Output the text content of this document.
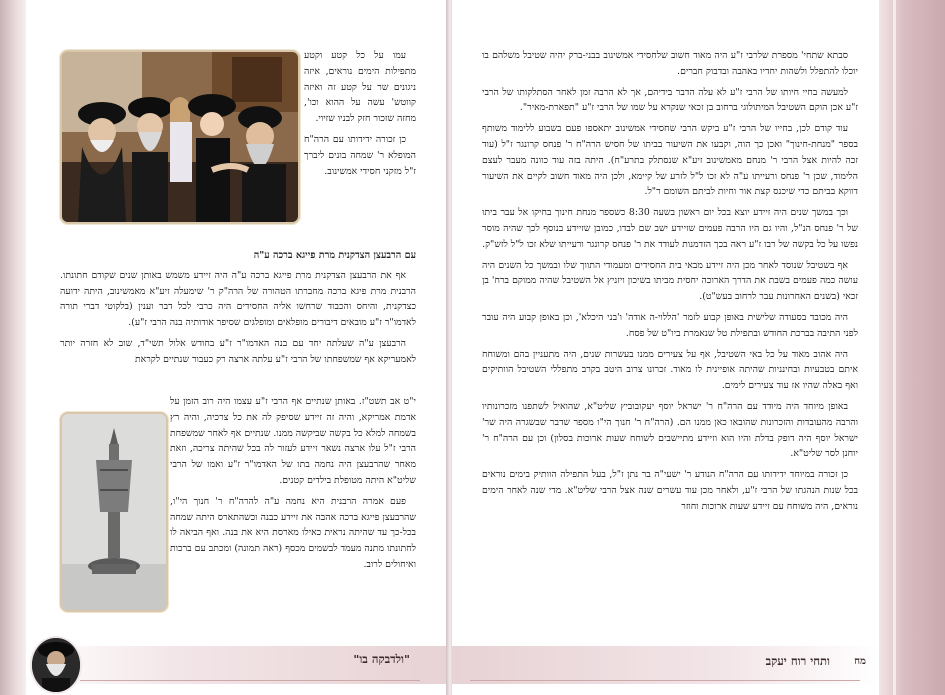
עמו על כל קטע וקטע מתפילות הימים נוראים, איזה ניגונים שר על קטע זה ואיזה קווטש' עשה על ההוא וכו', מחזה שזכור חזק לבניו שזיוי.

כן זכורה ידידותו עם הרה"ח המופלא ר' שמחה בונים ליברך ז"ל מזקני חסידי אמשינוב.

עם הרבעצן הצדקנית מרת פייגא ברכה ע"ה

אף את הרבעצן הצדקנית מרת פייגא ברכה ע"ה היה זיידע משמש באותן שנים שקודם חתונתו. הרבנית מרת פיגא ברכה מחברתו הטהורה של הרה"ק ר' שימעלה זיע"א מאמשינוב, היתה ידועה כצדקנית, והיחס והכבוד שרחשו אליה החסידים היה כרבי לכל דבר וענין (בלקוטי דברי תורה לאדמו"ר ז"ע מובאים דיבורים מופלאים ומופלגים שסיפר אודותיה בנה הרבי ז"ע).

הרבעצן ע"ה שעלתה יחד עם בנה האדמו"ר ז"ע בחודש אלול תשי"ד, שוב לא חזרה יותר לאמעריקא אף שמשפחתו של הרבי ז"ע עלתה ארצה רק כעבור שנתיים לקראת

י"ט אב תשט"ז. באותן שנתיים אף הרבי ז"ע עצמו היה רוב הזמן על אדמת אמריקא, והיה זה זיידע שסיפק לה את כל צרכיה, והיה רץ בשמחה למלא כל בקשה שביקשה ממנו. שנתיים אף לאחר שמשפחת הרבי ז"ל עלו ארצה נשאר זיידע לעזור לה בכל שהיתה צריכה, וזאת מאחר שהרבעצן היה נחמה בתו של האדמו"ר ז"ע ואמו של הרבי שליט"א היתה מטופלת בילדים קטנים.

פעם אמרה הרבנית היא נחמה ע"ה להרה"ח ר' חנוך הי"ו, שהרבעצן פייגא ברכה אהבה את זיידע כבנה וכשהתארס היתה שמחה בכל-כך עד שהיתה נראית כאילו מארסת היא את בנה. ואף הביאה לו לחתונתו מתנה מעמד לבשמים מכסף (ראה תמונה) ומכתב עם ברכות ואיחולים לרוב.

"ולדבקה בו"

סבתא שתחי' מספרת שלרבי ז"ע היה מאוד חשוב שלחסידי אמשינוב בבני-ברק יהיה שטיבל משלהם בו יוכלו להתפלל ולשהות יחדיו באהבה ובדבוק חברים.

למעשה בחיי חיותו של הרבי ז"ע לא עלה הדבר בידיהם, אך לא הרבה זמן לאחר הסתלקותו של הרבי ז"ע אכן הוקם השטיבל המיתולוגי ברחוב בן זכאי שנקרא על שמו של הרבי ז"ע "תפארת-מאיר".

עוד קודם לכן, בחייו של הרבי ז"ע ביקש הרבי שחסידי אמשינוב יתאספו פעם בשבוע ללימוד משותף בספר "מנחת-חינוך" ואכן כך הוה, וקבעו את השיעור בביתו של חסיש הרה"ח ר' פנחס קרונגר ז"ל (עוד זכה להיות אצל הרבי ר' מנחם מאמשינוב זיע"א שנסתלק בתרע"ח). היתה בזה עוד כוונה מעבר לעצם הלימוד, שכן ר' פנחס ורעייתו ע"ה לא זכו ל"ל לזרע של קיימא, ולכן היה מאוד חשוב לקיים את השיעור דווקא בביתם כדי שיכנס קצת אור וחיות לביתם השומם ר"ל.

וכך במשך שנים היה זיידע יוצא בכל יום ראשון בשעה 8:30 כשספר מנחת חינוך בחיקו אל עבר ביתו של ר' פנחס הנ"ל, והיו גם היו הרבה פעמים שזיידע ישב שם לבדו, כמובן שזיידע בנוסף לכך שהיה מוסר נפשו על כל בקשה של רבו ז"ע ראה בכך הזדמנות לעודד את ר' פנחס קרונגר ורעייתו שלא זכו ל"ל לזש"ק.

אף בשטיבל שנוסד לאחר מכן היה זיידע מבאי בית החסידים ומעמודי התווך שלו ובמשך כל השנים היה עושה כמה פעמים בשבת את הדרך הארוכה יחסית מביתו בשיכון ויזניץ אל השטיבל שהיה ממוקם ברח' בן זכאי (בשנים האחרונות עבר לרחוב בעש"ט).

היה מכובד בסעודה שלישית באופן קבוע לזמר 'הללוי-ה אודה' ו'בני היכלא', וכן באופן קבוע היה עובר לפני התיבה בברכת החודש ובתפילת טל שנאמרת ביו"ט של פסח.

היה אהוב מאוד על כל באי השטיבל, אף על צעירים ממנו בעשרות שנים, היה מתעניין בהם ומשוחח איתם בטבעיות ובחינניות שהיתה אופיינית לו מאוד. זכרונו צרוב היטב בקרב מתפללי השטיבל הוותיקים ואף באלה שהיו אז עוד צעירים לימים.

באופן מיוחד היה מיודד עם הרה"ח ר' ישראל יוסף יעקובוביץ שליט"א, שהואיל לשתפנו מזכרונותיו והרבה מהעובדות והזכרונות שהובאו כאן ממנו הם. (הרה"ח ר' חנוך הי"ו מספר שדבר שבשגרה היה שר' ישראל יוסף היה דופק בדלת והיו הוא וזיידע מתיישבים לשוחח שעות ארוכות בסלון) וכן עם הרה"ח ר' יוחנן לסר שליט"א.

כן זכורה במיוחד ידידותו עם הרה"ח הנודע ר' ישעי"ה בר נתן ז"ל, בעל התפילה הוותיק בימים נוראים בכל שנות הנהגתו של הרבי ז"ע, ולאחר מכן עוד עשרים שנה אצל הרבי שליט"א. מדי שנה לאחר הימים נוראים, היה משוחח עם זיידע שעות ארוכות וחוזר

ותחי רוח יעקב	מח
